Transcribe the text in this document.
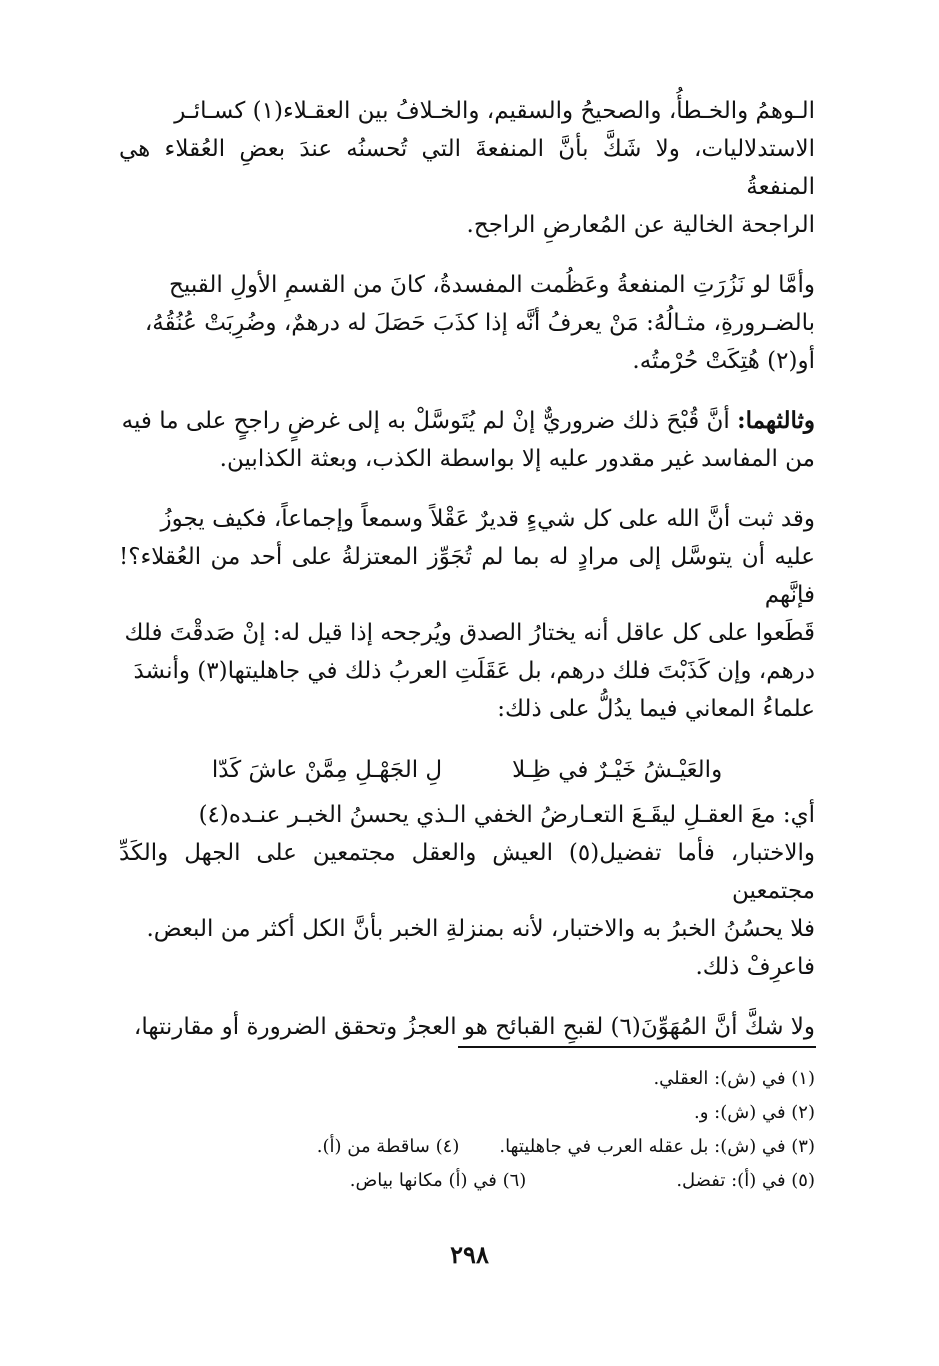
الـوهمُ والخـطأُ، والصحيحُ والسقيم، والخـلافُ بين العقـلاء(١) كسـائـر

الاستدلاليات، ولا شَكَّ بأنَّ المنفعةَ التي تُحسنُه عندَ بعضِ العُقلاء هي المنفعةُ

الراجحة الخالية عن المُعارضِ الراجح.

وأمَّا لو نَزُرَتِ المنفعةُ وعَظُمت المفسدةُ، كانَ من القسمِ الأولِ القبيح

بالضـرورةِ، مثـالُهُ: مَنْ يعرفُ أنَّه إذا كذَبَ حَصَلَ له درهمٌ، وضُرِبَتْ عُنُقُهُ،

أو(٢) هُتِكَتْ حُرْمتُه.

وثالثهما: أنَّ قُبْحَ ذلك ضروريٌّ إنْ لم يُتَوسَّلْ به إلى غرضٍ راجحٍ على ما فيه

من المفاسد غير مقدور عليه إلا بواسطة الكذب، وبعثة الكذابين.

وقد ثبت أنَّ الله على كل شيءٍ قديرٌ عَقْلاً وسمعاً وإجماعاً، فكيف يجوزُ

عليه أن يتوسَّل إلى مرادٍ له بما لم تُجَوِّز المعتزلةُ على أحد من العُقلاء؟! فإنَّهم

قَطَعوا على كل عاقل أنه يختارُ الصدق ويُرجحه إذا قيل له: إنْ صَدقْتَ فلك

درهم، وإن كَذَبْتَ فلك درهم، بل عَقَلَتِ العربُ ذلك في جاهليتها(٣) وأنشدَ

علماءُ المعاني فيما يدُلُّ على ذلك:

والعَيْـشُ خَيْـرٌ في ظِـلا
لِ الجَهْـلِ مِمَّنْ عاشَ كَدّا

أي: معَ العقـلِ ليقَـعَ التعـارضُ الخفي الـذي يحسنُ الخبـر عنـده(٤)

والاختبار، فأما تفضيل(٥) العيش والعقل مجتمعين على الجهل والكَدِّ مجتمعين

فلا يحسُنُ الخبرُ به والاختبار، لأنه بمنزلةِ الخبر بأنَّ الكل أكثر من البعض.

فاعرِفْ ذلك.

ولا شكَّ أنَّ المُهَوِّنَ(٦) لقبحِ القبائح هو العجزُ وتحقق الضرورة أو مقارنتها،

(١) في (ش): العقلي.
(٢) في (ش): و.
(٣) في (ش): بل عقله العرب في جاهليتها.
(٤) ساقطة من (أ).
(٥) في (أ): تفضل.
(٦) في (أ) مكانها بياض.
٢٩٨
